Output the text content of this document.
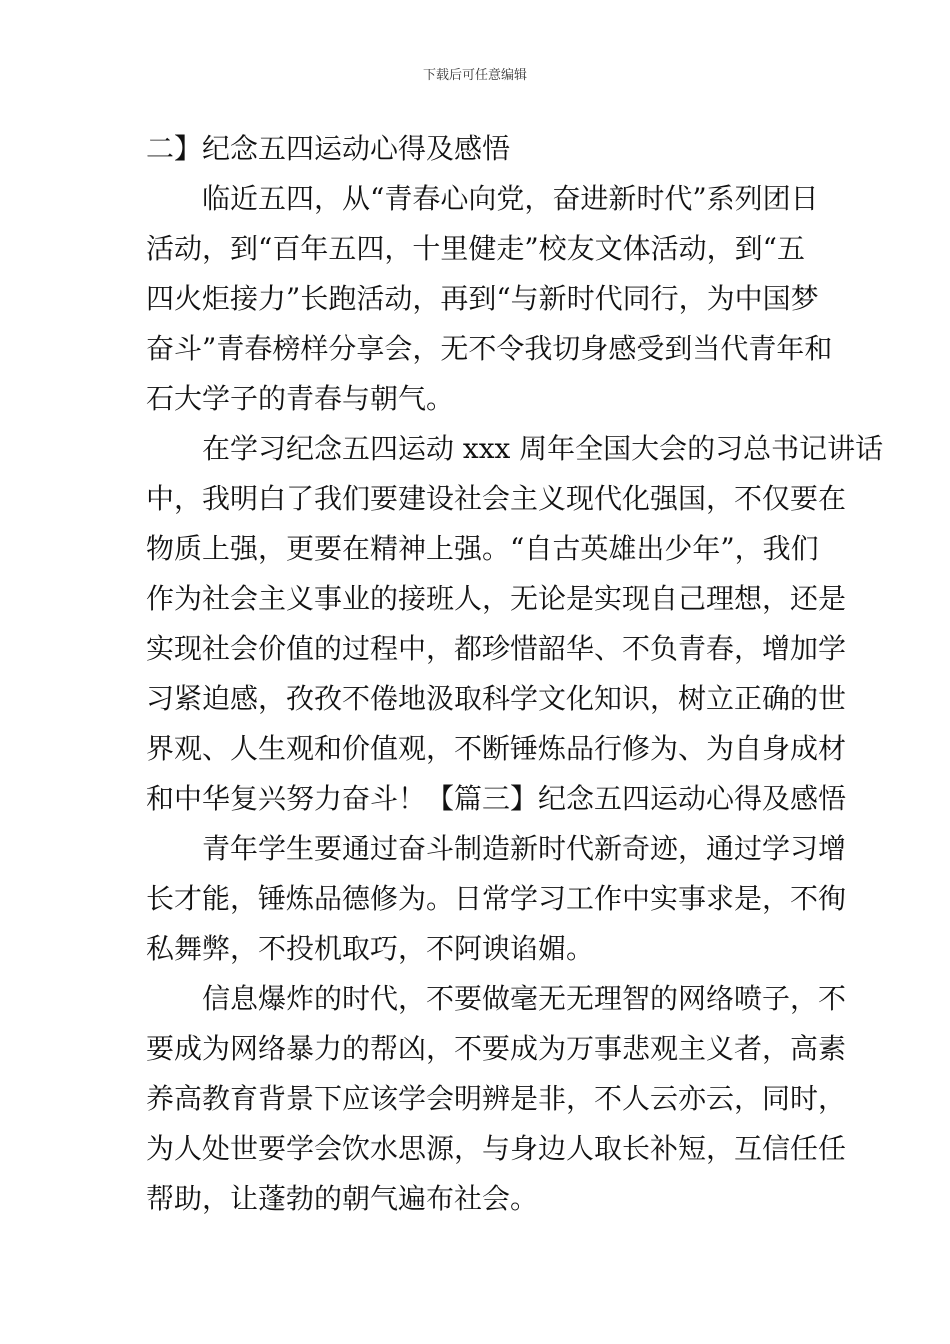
下载后可任意编辑
二】纪念五四运动心得及感悟
临近五四，从“青春心向党，奋进新时代”系列团日
活动，到“百年五四，十里健走”校友文体活动，到“五
四火炬接力”长跑活动，再到“与新时代同行，为中国梦
奋斗”青春榜样分享会，无不令我切身感受到当代青年和
石大学子的青春与朝气。
在学习纪念五四运动 xxx 周年全国大会的习总书记讲话
中，我明白了我们要建设社会主义现代化强国，不仅要在
物质上强，更要在精神上强。“自古英雄出少年”，我们
作为社会主义事业的接班人，无论是实现自己理想，还是
实现社会价值的过程中，都珍惜韶华、不负青春，增加学
习紧迫感，孜孜不倦地汲取科学文化知识，树立正确的世
界观、人生观和价值观，不断锤炼品行修为、为自身成材
和中华复兴努力奋斗！【篇三】纪念五四运动心得及感悟
青年学生要通过奋斗制造新时代新奇迹，通过学习增
长才能，锤炼品德修为。日常学习工作中实事求是，不徇
私舞弊，不投机取巧，不阿谀谄媚。
信息爆炸的时代，不要做毫无无理智的网络喷子，不
要成为网络暴力的帮凶，不要成为万事悲观主义者，高素
养高教育背景下应该学会明辨是非，不人云亦云，同时，
为人处世要学会饮水思源，与身边人取长补短，互信任任
帮助，让蓬勃的朝气遍布社会。
